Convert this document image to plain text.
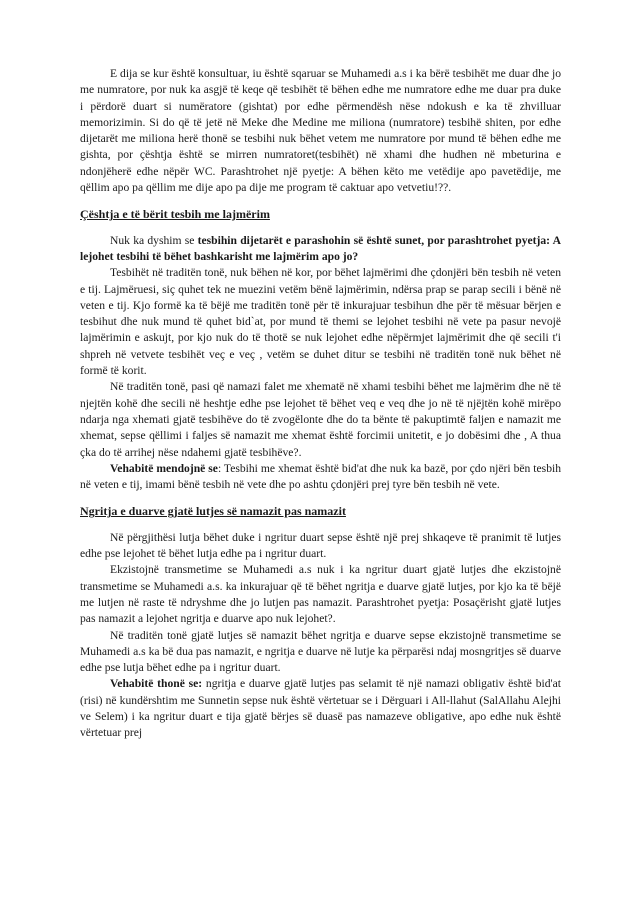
E dija se kur është konsultuar, iu është sqaruar se Muhamedi a.s i ka bërë tesbihët me duar dhe jo me numratore, por nuk ka asgjë të keqe që tesbihët të bëhen edhe me numratore edhe me duar pra duke i përdorë duart si numëratore (gishtat) por edhe përmendësh nëse ndokush e ka të zhvilluar memorizimin. Si do që të jetë në Meke dhe Medine me miliona (numratore) tesbihë shiten, por edhe dijetarët me miliona herë thonë se tesbihi nuk bëhet vetem me numratore por mund të bëhen edhe me gishta, por çështja është se mirren numratoret(tesbihët) në xhami dhe hudhen në mbeturina e ndonjëherë edhe nëpër WC. Parashtrohet një pyetje: A bëhen këto me vetëdije apo pavetëdije, me qëllim apo pa qëllim me dije apo pa dije me program të caktuar apo vetvetiu!??.

Çështja e të bërit tesbih me lajmërim

Nuk ka dyshim se tesbihin dijetarët e parashohin së është sunet, por parashtrohet pyetja: A lejohet tesbihi të bëhet bashkarisht me lajmërim apo jo?

Tesbihët në traditën tonë, nuk bëhen në kor, por bëhet lajmërimi dhe çdonjëri bën tesbih në veten e tij. Lajmëruesi, siç quhet tek ne muezini vetëm bënë lajmërimin, ndërsa prap se parap secili i bënë në veten e tij. Kjo formë ka të bëjë me traditën tonë për të inkurajuar tesbihun dhe për të mësuar bërjen e tesbihut dhe nuk mund të quhet bid`at, por mund të themi se lejohet tesbihi në vete pa pasur nevojë lajmërimin e askujt, por kjo nuk do të thotë se nuk lejohet edhe nëpërmjet lajmërimit dhe që secili t'i shpreh në vetvete tesbihët veç e veç , vetëm se duhet ditur se tesbihi në traditën tonë nuk bëhet në formë të korit.

Në traditën tonë, pasi që namazi falet me xhematë në xhami tesbihi bëhet me lajmërim dhe në të njejtën kohë dhe secili në heshtje edhe pse lejohet të bëhet veq e veq dhe jo në të njëjtën kohë mirëpo ndarja nga xhemati gjatë tesbihëve do të zvogëlonte dhe do ta bënte të pakuptimtë faljen e namazit me xhemat, sepse qëllimi i faljes së namazit me xhemat është forcimii unitetit, e jo dobësimi dhe , A thua çka do të arrihej nëse ndahemi gjatë tesbihëve?.

Vehabitë mendojnë se: Tesbihi me xhemat është bid'at dhe nuk ka bazë, por çdo njëri bën tesbih në veten e tij, imami bënë tesbih në vete dhe po ashtu çdonjëri prej tyre bën tesbih në vete.

Ngritja e duarve gjatë lutjes së namazit pas namazit

Në përgjithësi lutja bëhet duke i ngritur duart sepse është një prej shkaqeve të pranimit të lutjes edhe pse lejohet të bëhet lutja edhe pa i ngritur duart.

Ekzistojnë transmetime se Muhamedi a.s nuk i ka ngritur duart gjatë lutjes dhe ekzistojnë transmetime se Muhamedi a.s. ka inkurajuar që të bëhet ngritja e duarve gjatë lutjes, por kjo ka të bëjë me lutjen në raste të ndryshme dhe jo lutjen pas namazit. Parashtrohet pyetja: Posaçërisht gjatë lutjes pas namazit a lejohet ngritja e duarve apo nuk lejohet?.

Në traditën tonë gjatë lutjes së namazit bëhet ngritja e duarve sepse ekzistojnë transmetime se Muhamedi a.s ka bë dua pas namazit, e ngritja e duarve në lutje ka përparësi ndaj mosngritjes së duarve edhe pse lutja bëhet edhe pa i ngritur duart.

Vehabitë thonë se: ngritja e duarve gjatë lutjes pas selamit të një namazi obligativ është bid'at (risi) në kundërshtim me Sunnetin sepse nuk është vërtetuar se i Dërguari i All-llahut (SalAllahu Alejhi ve Selem) i ka ngritur duart e tija gjatë bërjes së duasë pas namazeve obligative, apo edhe nuk është vërtetuar prej
